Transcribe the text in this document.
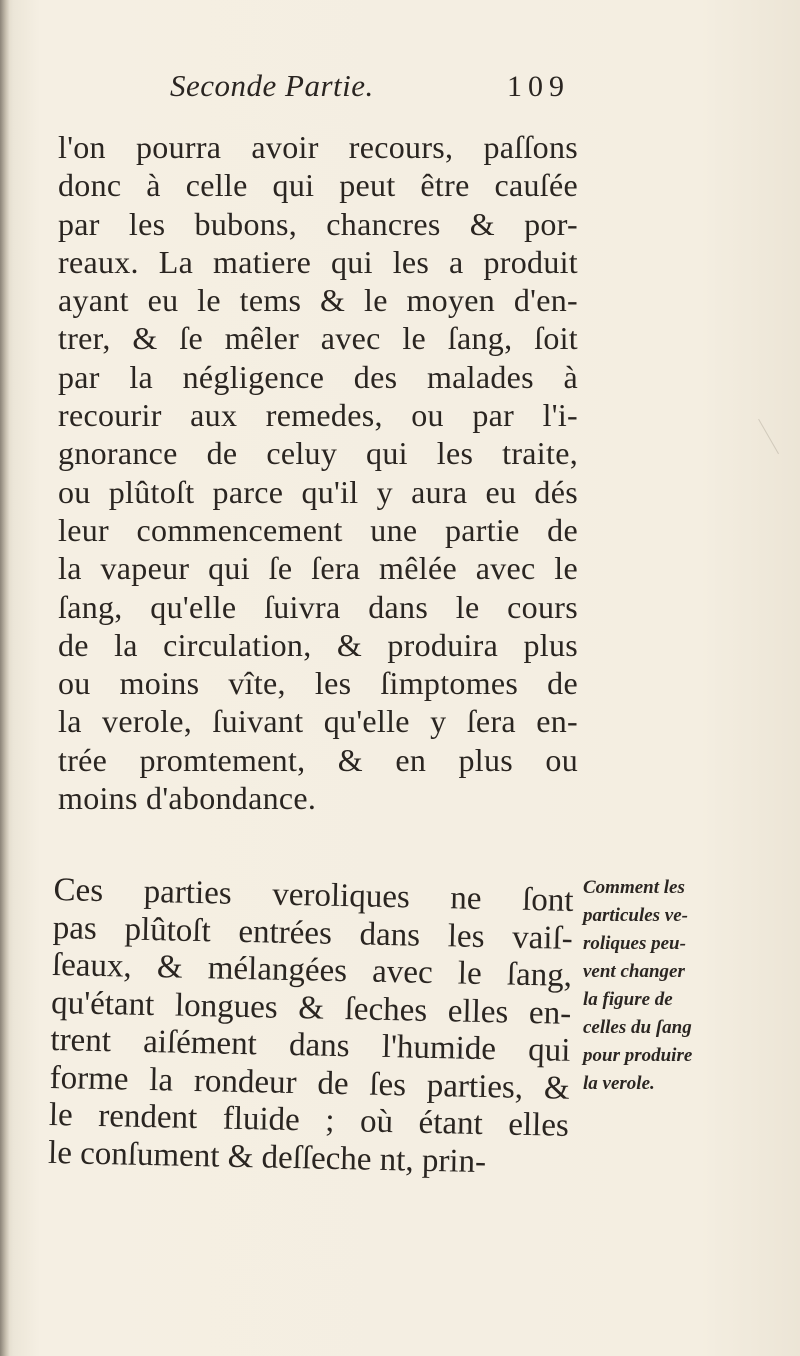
Seconde Partie.	109
l'on pourra avoir recours, paſſons
donc à celle qui peut être cauſée
par les bubons, chancres & por-
reaux. La matiere qui les a produit
ayant eu le tems & le moyen d'en-
trer, & ſe mêler avec le ſang, ſoit
par la négligence des malades à
recourir aux remedes, ou par l'i-
gnorance de celuy qui les traite,
ou plûtoſt parce qu'il y aura eu dés
leur commencement une partie de
la vapeur qui ſe ſera mêlée avec le
ſang, qu'elle ſuivra dans le cours
de la circulation, & produira plus
ou moins vîte, les ſimptomes de
la verole, ſuivant qu'elle y ſera en-
trée promtement, & en plus ou
moins d'abondance.
Ces parties veroliques ne ſont
pas plûtoſt entrées dans les vaiſ-
ſeaux, & mélangées avec le ſang,
qu'étant longues & ſeches elles en-
trent aiſément dans l'humide qui
forme la rondeur de ſes parties, &
le rendent fluide ; où étant elles
le conſument & deſſeche nt, prin-
Comment les
particules ve-
roliques peu-
vent changer
la figure de
celles du ſang
pour produire
la verole.
